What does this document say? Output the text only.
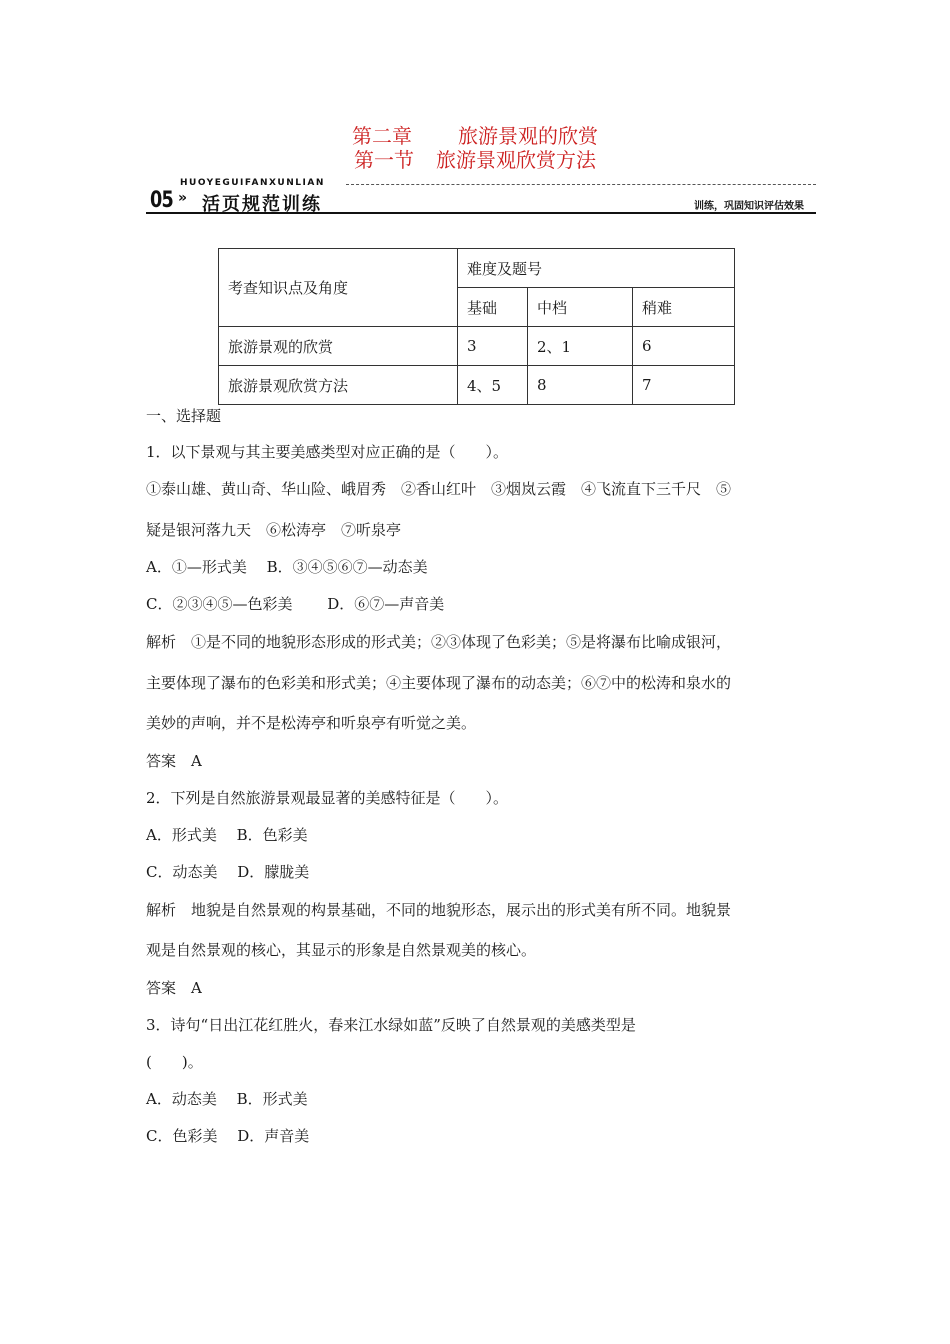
第二章 旅游景观的欣赏
第一节 旅游景观欣赏方法
HUOYEGUIFANXUNLIAN
05 » 活页规范训练	训练，巩固知识评估效果
考查知识点及角度	难度及题号		
	基础	中档	稍难
旅游景观的欣赏	3	2、1	6
旅游景观欣赏方法	4、5	8	7
一、选择题
1．以下景观与其主要美感类型对应正确的是（　　）。
①泰山雄、黄山奇、华山险、峨眉秀　②香山红叶　③烟岚云霞　④飞流直下三千尺　⑤
疑是银河落九天　⑥松涛亭　⑦听泉亭
A．①—形式美　 B．③④⑤⑥⑦—动态美
C．②③④⑤—色彩美　　 D．⑥⑦—声音美
解析　①是不同的地貌形态形成的形式美；②③体现了色彩美；⑤是将瀑布比喻成银河，
主要体现了瀑布的色彩美和形式美；④主要体现了瀑布的动态美；⑥⑦中的松涛和泉水的
美妙的声响，并不是松涛亭和听泉亭有听觉之美。
答案　A
2．下列是自然旅游景观最显著的美感特征是（　　）。
A．形式美　 B．色彩美
C．动态美　 D．朦胧美
解析　地貌是自然景观的构景基础，不同的地貌形态，展示出的形式美有所不同。地貌景
观是自然景观的核心，其显示的形象是自然景观美的核心。
答案　A
3．诗句“日出江花红胜火，春来江水绿如蓝”反映了自然景观的美感类型是
(　　)。
A．动态美　 B．形式美
C．色彩美　 D．声音美
